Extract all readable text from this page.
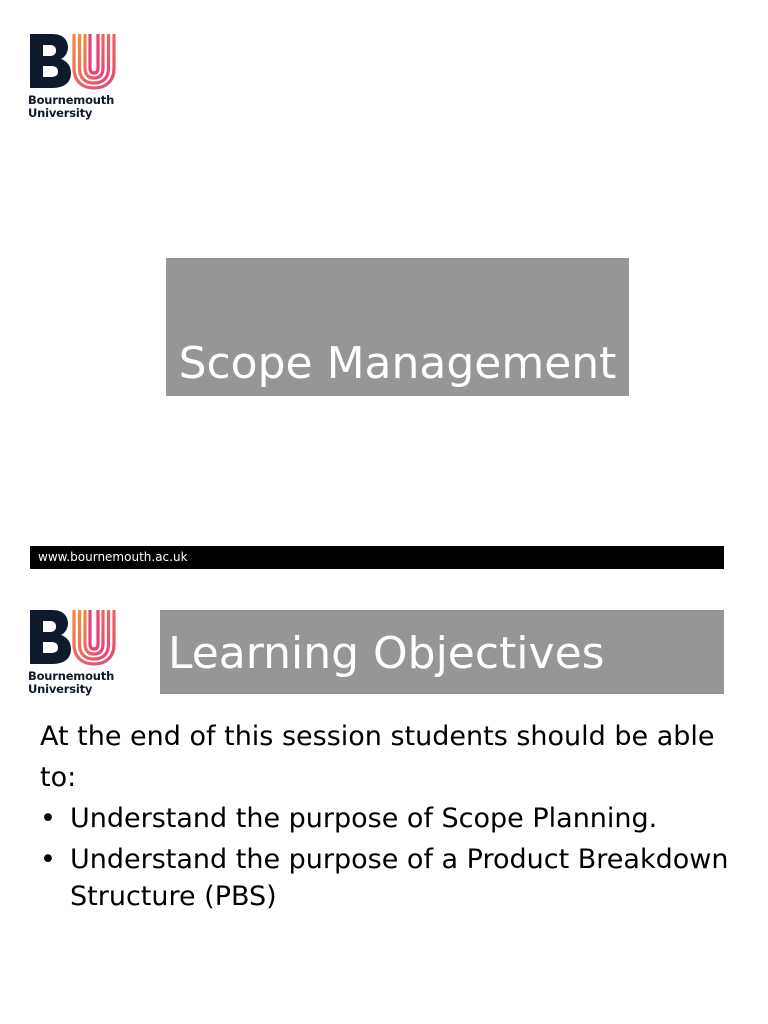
Bournemouth
University
Scope Management
www.bournemouth.ac.uk
Bournemouth
University
Learning Objectives
At the end of this session students should be able to:
• Understand the purpose of Scope Planning.
• Understand the purpose of a Product Breakdown Structure (PBS)
